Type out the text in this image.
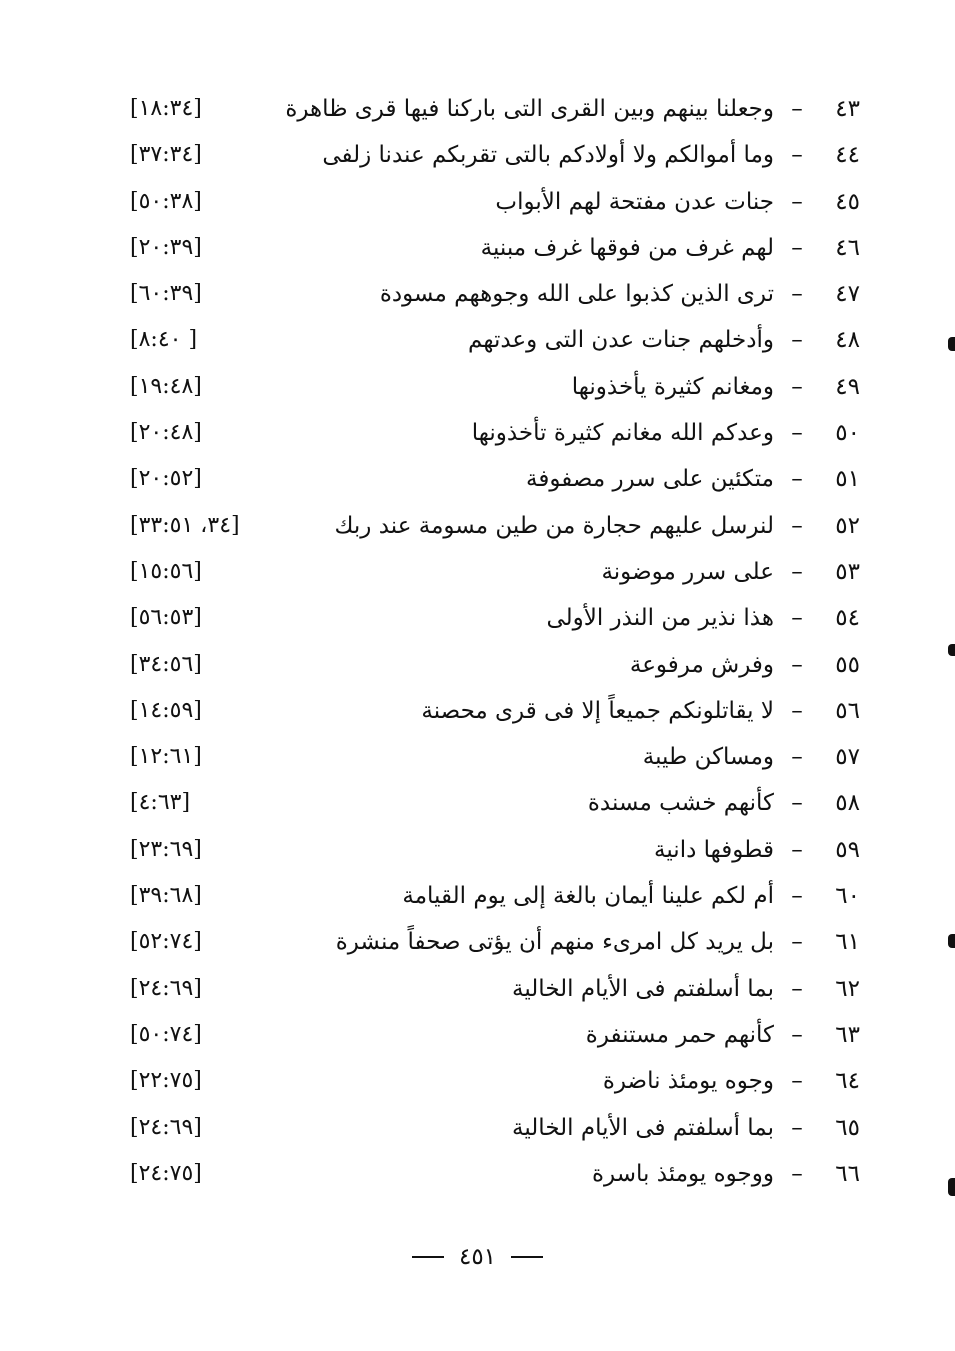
٤٣
–
وجعلنا بينهم وبين القرى التى باركنا فيها قرى ظاهرة
[١٨:٣٤]
٤٤
–
وما أموالكم ولا أولادكم بالتى تقربكم عندنا زلفى
[٣٧:٣٤]
٤٥
–
جنات عدن مفتحة لهم الأبواب
[٥٠:٣٨]
٤٦
–
لهم غرف من فوقها غرف مبنية
[٢٠:٣٩]
٤٧
–
ترى الذين كذبوا على الله وجوههم مسودة
[٦٠:٣٩]
٤٨
–
وأدخلهم جنات عدن التى وعدتهم
[٨:٤٠ ]
٤٩
–
ومغانم كثيرة يأخذونها
[١٩:٤٨]
٥٠
–
وعدكم الله مغانم كثيرة تأخذونها
[٢٠:٤٨]
٥١
–
متكئين على سرر مصفوفة
[٢٠:٥٢]
٥٢
–
لنرسل عليهم حجارة من طين مسومة عند ربك
[٣٤، ٣٣:٥١]
٥٣
–
على سرر موضونة
[١٥:٥٦]
٥٤
–
هذا نذير من النذر الأولى
[٥٦:٥٣]
٥٥
–
وفرش مرفوعة
[٣٤:٥٦]
٥٦
–
لا يقاتلونكم جميعاً إلا فى قرى محصنة
[١٤:٥٩]
٥٧
–
ومساكن طيبة
[١٢:٦١]
٥٨
–
كأنهم خشب مسندة
[٤:٦٣]
٥٩
–
قطوفها دانية
[٢٣:٦٩]
٦٠
–
أم لكم علينا أيمان بالغة إلى يوم القيامة
[٣٩:٦٨]
٦١
–
بل يريد كل امرىء منهم أن يؤتى صحفاً منشرة
[٥٢:٧٤]
٦٢
–
بما أسلفتم فى الأيام الخالية
[٢٤:٦٩]
٦٣
–
كأنهم حمر مستنفرة
[٥٠:٧٤]
٦٤
–
وجوه يومئذ ناضرة
[٢٢:٧٥]
٦٥
–
بما أسلفتم فى الأيام الخالية
[٢٤:٦٩]
٦٦
–
ووجوه يومئذ باسرة
[٢٤:٧٥]
٤٥١
